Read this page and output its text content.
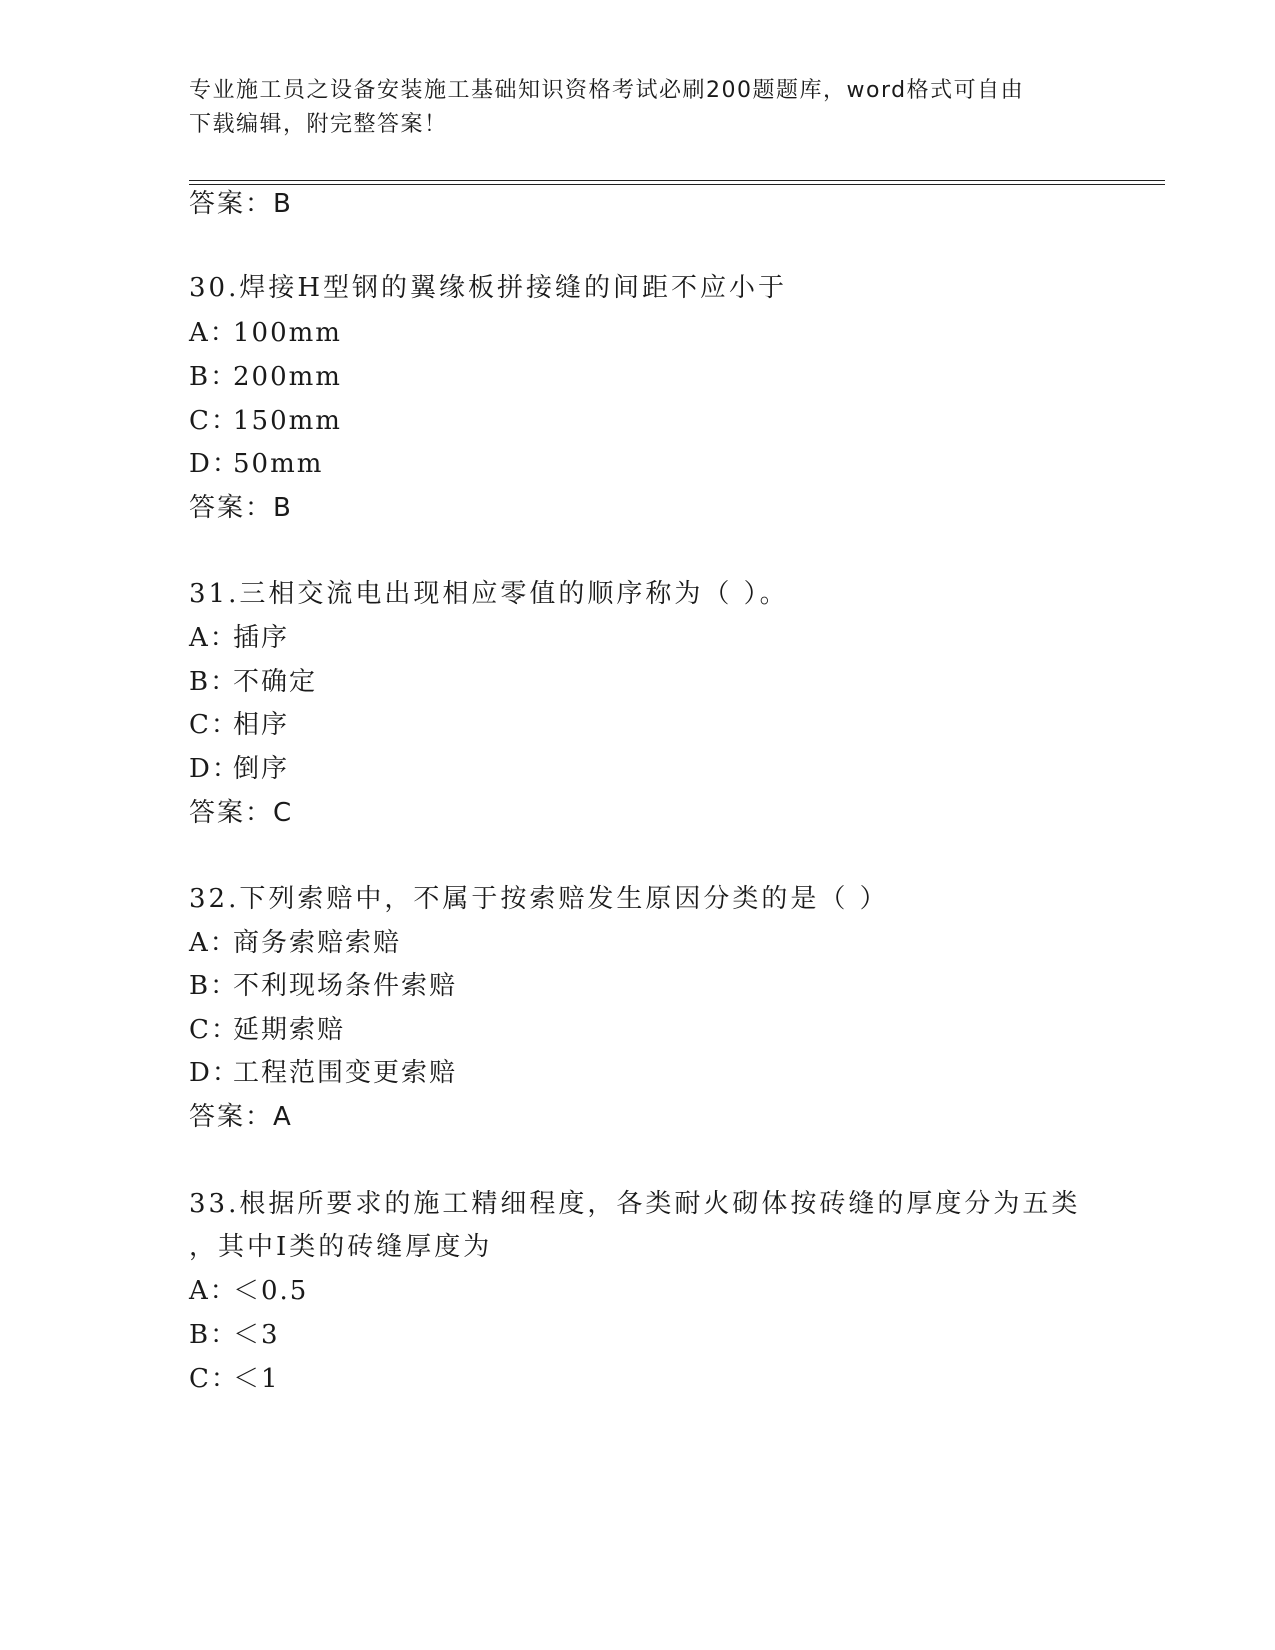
专业施工员之设备安装施工基础知识资格考试必刷200题题库，word格式可自由
下载编辑，附完整答案！
答案：B
30.焊接H型钢的翼缘板拼接缝的间距不应小于
A：100mm
B：200mm
C：150mm
D：50mm
答案：B
31.三相交流电出现相应零值的顺序称为（ ）。
A：插序
B：不确定
C：相序
D：倒序
答案：C
32.下列索赔中，不属于按索赔发生原因分类的是（ ）
A：商务索赔索赔
B：不利现场条件索赔
C：延期索赔
D：工程范围变更索赔
答案：A
33.根据所要求的施工精细程度，各类耐火砌体按砖缝的厚度分为五类
，其中Ⅰ类的砖缝厚度为
A：＜0.5
B：＜3
C：＜1
